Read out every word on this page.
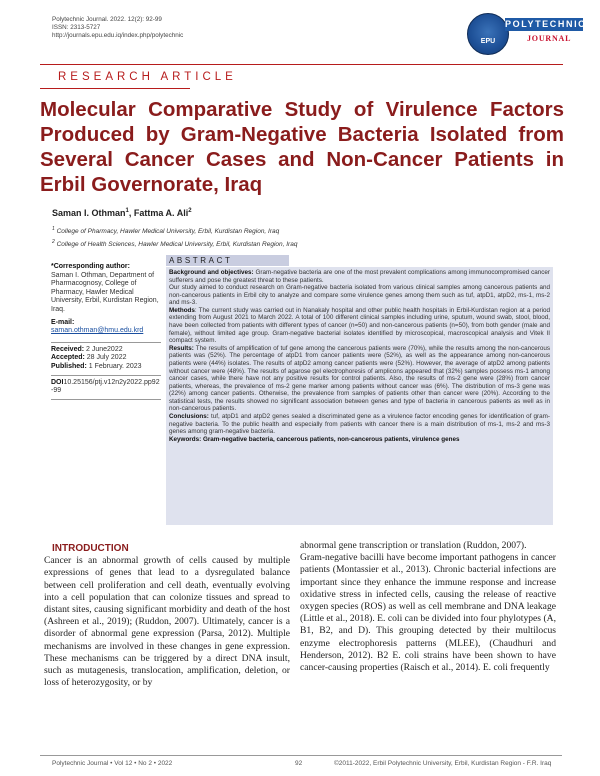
Polytechnic Journal. 2022. 12(2): 92-99
ISSN: 2313-5727
http://journals.epu.edu.iq/index.php/polytechnic
EPU
POLYTECHNIC
JOURNAL
RESEARCH ARTICLE
Molecular Comparative Study of Virulence Factors Produced by Gram-Negative Bacteria Isolated from Several Cancer Cases and Non-Cancer Patients in Erbil Governorate, Iraq
Saman I. Othman$^1$, Fattma A. Ali$^2$
$^1$ College of Pharmacy, Hawler Medical University, Erbil, Kurdistan Region, Iraq
$^2$ College of Health Sciences, Hawler Medical University, Erbil, Kurdistan Region, Iraq
*Corresponding author:
Saman I. Othman, Department of Pharmacognosy, College of Pharmacy, Hawler Medical University, Erbil, Kurdistan Region, Iraq.
E-mail:
saman.othman@hmu.edu.krd
Received: 2 June2022
Accepted: 28 July 2022
Published: 1 February. 2023
DOI10.25156/ptj.v12n2y2022.pp92-99
ABSTRACT
Background and objectives: Gram-negative bacteria are one of the most prevalent complications among immunocompromised cancer sufferers and pose the greatest threat to these patients.
Our study aimed to conduct research on Gram-negative bacteria isolated from various clinical samples among cancerous patients and non-cancerous patients in Erbil city to analyze and compare some virulence genes among them such as tuf, atpD1, atpD2, ms-1, ms-2 and ms-3.
Methods: The current study was carried out in Nanakaly hospital and other public health hospitals in Erbil-Kurdistan region at a period extending from August 2021 to March 2022. A total of 100 different clinical samples including urine, sputum, wound swab, stool, blood, have been collected from patients with different types of cancer (n=50) and non-cancerous patients (n=50), from both gender (male and female), without limited age group. Gram-negative bacterial isolates identified by microscopical, macroscopical analysis and Vitek II compact system.
Results: The results of amplification of tuf gene among the cancerous patients were (70%), while the results among the non-cancerous patients was (52%). The percentage of atpD1 from cancer patients were (52%), as well as the appearance among non-cancerous patients were (44%) isolates. The results of atpD2 among cancer patients were (52%). However, the average of atpD2 among patients without cancer were (48%). The results of agarose gel electrophoresis of amplicons appeared that (32%) samples possess ms-1 among cancer cases, while there have not any positive results for control patients. Also, the results of ms-2 gene were (28%) from cancer patients, whereas, the prevalence of ms-2 gene marker among patients without cancer was (6%). The distribution of ms-3 gene was (22%) among cancer patients. Otherwise, the prevalence from samples of patients other than cancer were (20%). According to the statistical tests, the results showed no significant association between genes and type of bacteria in cancerous patients as well as in non-cancerous patients.
Conclusions: tuf, atpD1 and atpD2 genes sealed a discriminated gene as a virulence factor encoding genes for identification of gram-negative bacteria. To the public health and especially from patients with cancer there is a main distribution of ms-1, ms-2 and ms-3 genes among gram-negative bacteria.
Keywords: Gram-negative bacteria, cancerous patients, non-cancerous patients, virulence genes
INTRODUCTION
Cancer is an abnormal growth of cells caused by multiple expressions of genes that lead to a dysregulated balance between cell proliferation and cell death, eventually evolving into a cell population that can colonize tissues and spread to distant sites, causing significant morbidity and death of the host (Ashreen et al., 2019); (Ruddon, 2007). Ultimately, cancer is a disorder of abnormal gene expression (Parsa, 2012). Multiple mechanisms are involved in these changes in gene expression. These mechanisms can be triggered by a direct DNA insult, such as mutagenesis, translocation, amplification, deletion, or loss of heterozygosity, or by
abnormal gene transcription or translation (Ruddon, 2007).
Gram-negative bacilli have become important pathogens in cancer patients (Montassier et al., 2013). Chronic bacterial infections are important since they enhance the immune response and increase oxidative stress in infected cells, causing the release of reactive oxygen species (ROS) as well as cell membrane and DNA leakage (Little et al., 2018). E. coli can be divided into four phylotypes (A, B1, B2, and D). This grouping detected by their multilocus enzyme electrophoresis patterns (MLEE), (Chaudhuri and Henderson, 2012). B2 E. coli strains have been shown to have cancer-causing properties (Raisch et al., 2014). E. coli frequently
Polytechnic Journal • Vol 12 • No 2 • 2022	92	©2011-2022, Erbil Polytechnic University, Erbil, Kurdistan Region - F.R. Iraq
